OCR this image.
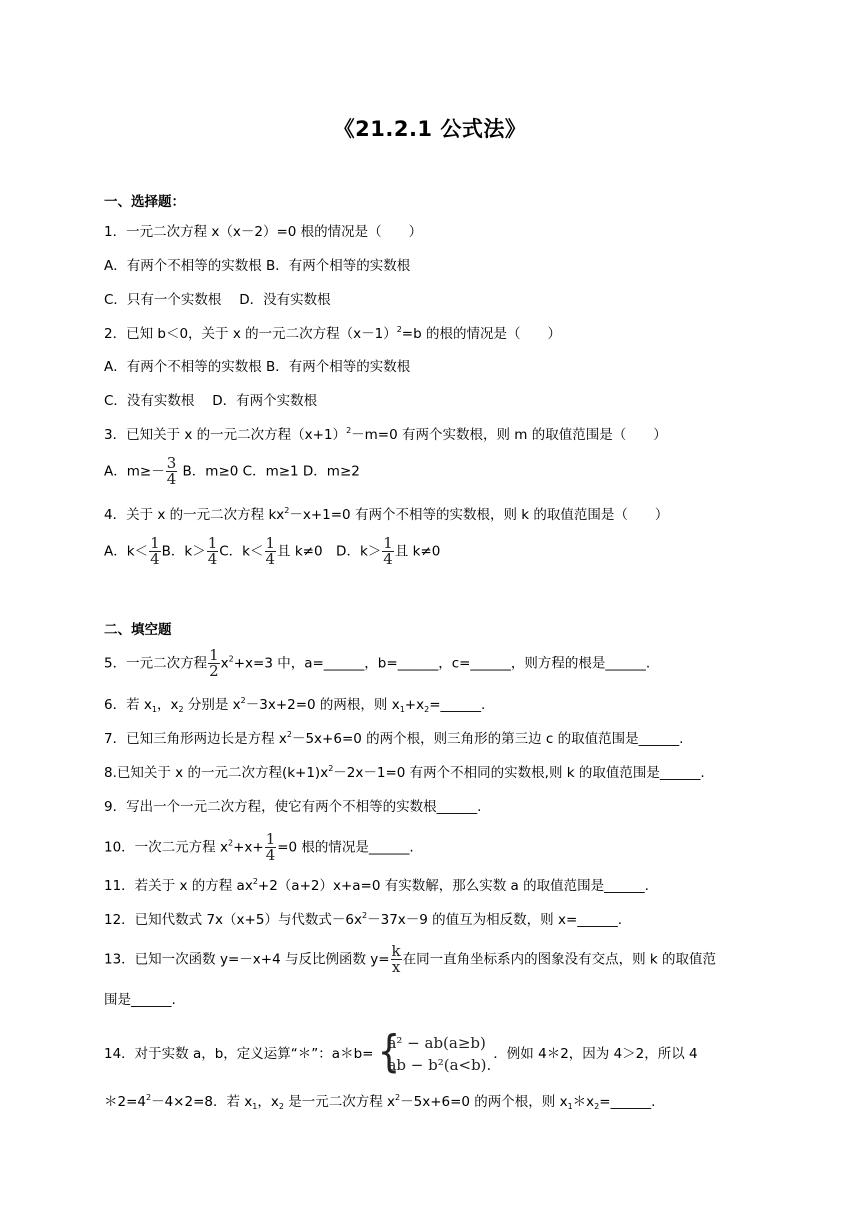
《21.2.1 公式法》
一、选择题：
1．一元二次方程 x（x－2）=0 根的情况是（　　）
A．有两个不相等的实数根 B．有两个相等的实数根
C．只有一个实数根　 D．没有实数根
2．已知 b＜0，关于 x 的一元二次方程$(x-1)^2=b$ 的根的情况是（　　）
A．有两个不相等的实数根 B．有两个相等的实数根
C．没有实数根　 D．有两个实数根
3．已知关于 x 的一元二次方程$(x+1)^2-m=0$ 有两个实数根，则 m 的取值范围是（　　）
A．$m\ge- \frac{3}{4}$ B．m≥0 C．m≥1 D．m≥2
4．关于 x 的一元二次方程 $kx^2-x+1=0$ 有两个不相等的实数根，则 k 的取值范围是（　　）
A．$k< \frac{1}{4}$ B．$k> \frac{1}{4}$ C．$k< \frac{1}{4}$ 且 k≠0　D．$k> \frac{1}{4}$ 且 k≠0
二、填空题
5．一元二次方程 $\frac{1}{2} x^2+x=3$ 中，a=______，b=______，c=______，则方程的根是______.
6．若 $x_1$，$x_2$ 分别是 $x^2-3x+2=0$ 的两根，则 $x_1+x_2=\_\_\_\_\_\_$.
7．已知三角形两边长是方程 $x^2-5x+6=0$ 的两个根，则三角形的第三边 c 的取值范围是______.
8.已知关于 x 的一元二次方程$(k+1)x^2-2x-1=0$ 有两个不相同的实数根,则 k 的取值范围是______.
9．写出一个一元二次方程，使它有两个不相等的实数根______.
10．一次二元方程 $x^2+x+ \frac{1}{4} =0$ 根的情况是______.
11．若关于 x 的方程 $ax^2+2(a+2)x+a=0$ 有实数解，那么实数 a 的取值范围是______.
12．已知代数式 7x（x+5）与代数式$-6x^2-37x-9$ 的值互为相反数，则 x=______.
13．已知一次函数 y=－x+4 与反比例函数 $y= \frac{k}{x}$ 在同一直角坐标系内的图象没有交点，则 k 的取值范
围是______.
14．对于实数 a，b，定义运算“＊”：a＊b= {
a² − ab(a≥b)
ab − b²(a<b).
．例如 4＊2，因为 4＞2，所以 4
$*2=4^2-4\times 2=8$．若 $x_1$，$x_2$ 是一元二次方程 $x^2-5x+6=0$ 的两个根，则 $x_1*x_2=\_\_\_\_\_\_$.
